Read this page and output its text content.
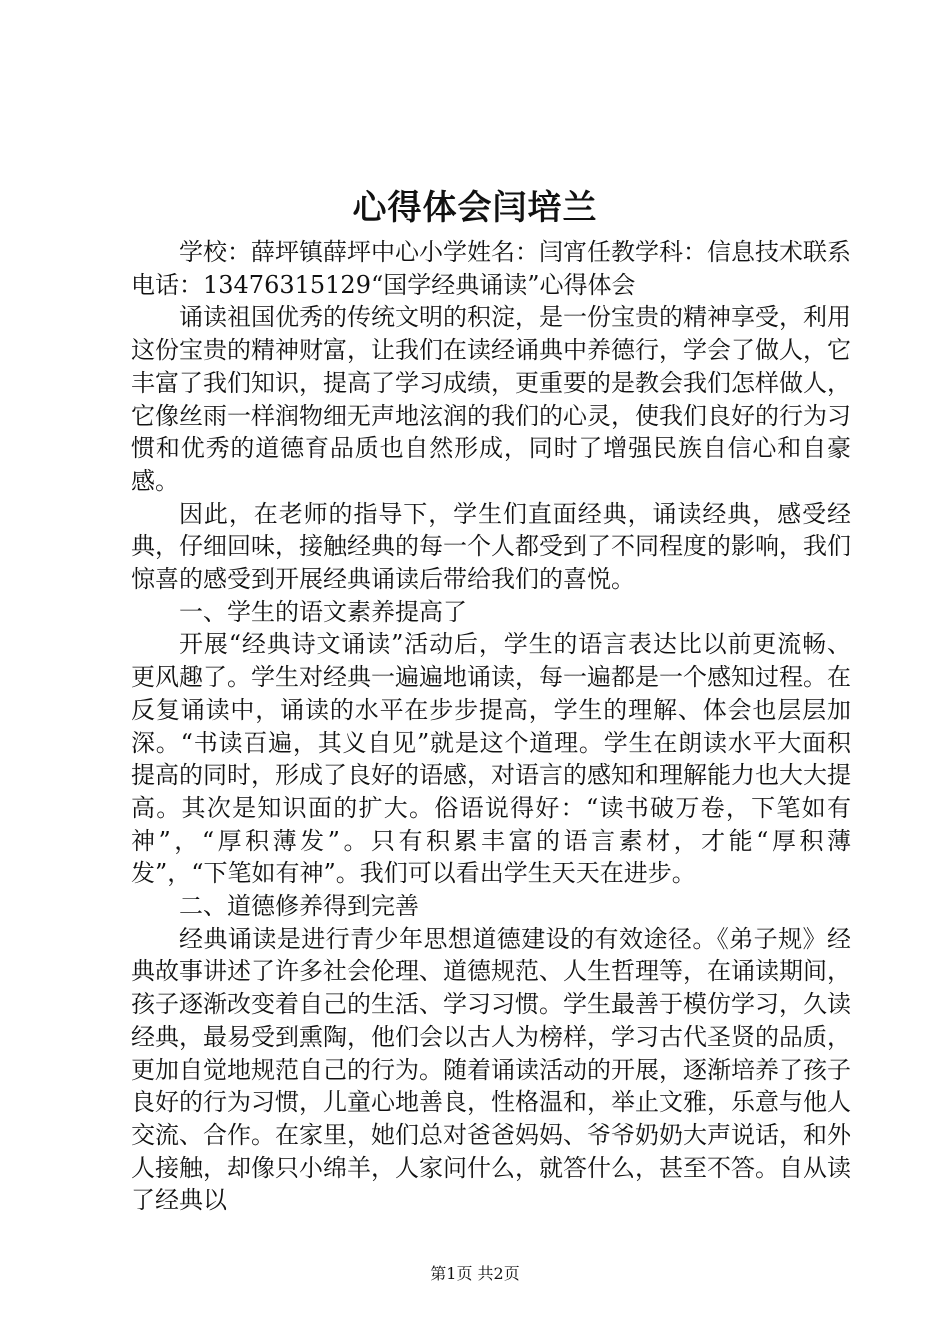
心得体会闫培兰

学校：薛坪镇薛坪中心小学姓名：闫宵任教学科：信息技术联系电话：13476315129“国学经典诵读”心得体会

诵读祖国优秀的传统文明的积淀，是一份宝贵的精神享受，利用这份宝贵的精神财富，让我们在读经诵典中养德行，学会了做人，它丰富了我们知识，提高了学习成绩，更重要的是教会我们怎样做人，它像丝雨一样润物细无声地泫润的我们的心灵，使我们良好的行为习惯和优秀的道德育品质也自然形成，同时了增强民族自信心和自豪感。

因此，在老师的指导下，学生们直面经典，诵读经典，感受经典，仔细回味，接触经典的每一个人都受到了不同程度的影响，我们惊喜的感受到开展经典诵读后带给我们的喜悦。

一、学生的语文素养提高了

开展“经典诗文诵读”活动后，学生的语言表达比以前更流畅、更风趣了。学生对经典一遍遍地诵读，每一遍都是一个感知过程。在反复诵读中，诵读的水平在步步提高，学生的理解、体会也层层加深。“书读百遍，其义自见”就是这个道理。学生在朗读水平大面积提高的同时，形成了良好的语感，对语言的感知和理解能力也大大提高。其次是知识面的扩大。俗语说得好：“读书破万卷，下笔如有神”，“厚积薄发”。只有积累丰富的语言素材，才能“厚积薄发”，“下笔如有神”。我们可以看出学生天天在进步。

二、道德修养得到完善

经典诵读是进行青少年思想道德建设的有效途径。《弟子规》经典故事讲述了许多社会伦理、道德规范、人生哲理等，在诵读期间，孩子逐渐改变着自己的生活、学习习惯。学生最善于模仿学习，久读经典，最易受到熏陶，他们会以古人为榜样，学习古代圣贤的品质，更加自觉地规范自己的行为。随着诵读活动的开展，逐渐培养了孩子良好的行为习惯，儿童心地善良，性格温和，举止文雅，乐意与他人交流、合作。在家里，她们总对爸爸妈妈、爷爷奶奶大声说话，和外人接触，却像只小绵羊，人家问什么，就答什么，甚至不答。自从读了经典以

第1页 共2页
